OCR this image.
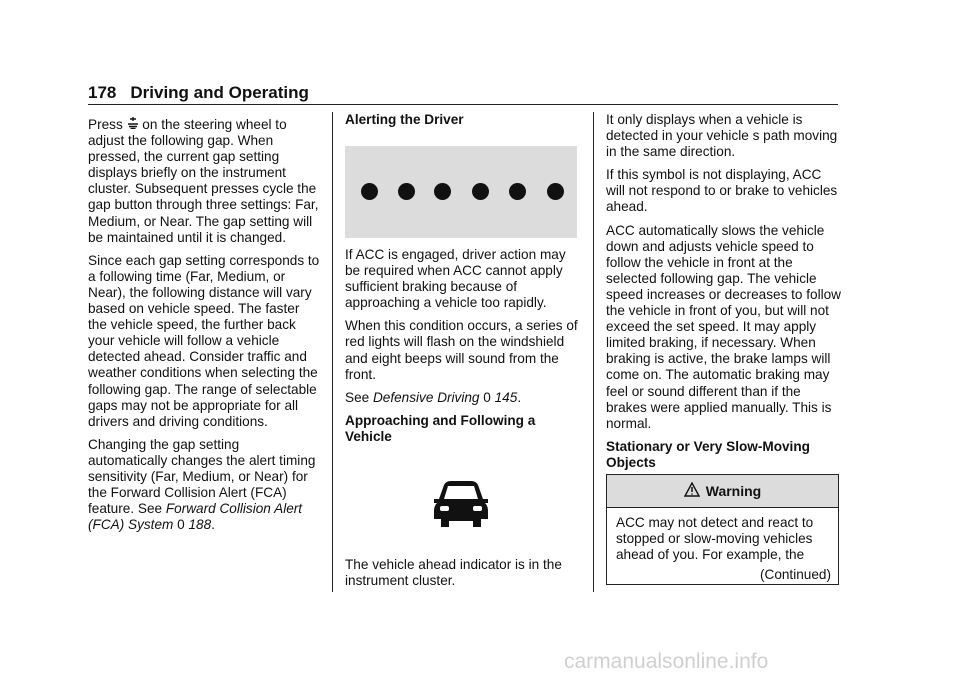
178 Driving and Operating

Press  on the steering wheel to adjust the following gap. When pressed, the current gap setting displays briefly on the instrument cluster. Subsequent presses cycle the gap button through three settings: Far, Medium, or Near. The gap setting will be maintained until it is changed.

Since each gap setting corresponds to a following time (Far, Medium, or Near), the following distance will vary based on vehicle speed. The faster the vehicle speed, the further back your vehicle will follow a vehicle detected ahead. Consider traffic and weather conditions when selecting the following gap. The range of selectable gaps may not be appropriate for all drivers and driving conditions.

Changing the gap setting automatically changes the alert timing sensitivity (Far, Medium, or Near) for the Forward Collision Alert (FCA) feature. See Forward Collision Alert (FCA) System 0 188.

Alerting the Driver

If ACC is engaged, driver action may be required when ACC cannot apply sufficient braking because of approaching a vehicle too rapidly.

When this condition occurs, a series of red lights will flash on the windshield and eight beeps will sound from the front.

See Defensive Driving 0 145.

Approaching and Following a Vehicle

The vehicle ahead indicator is in the instrument cluster.

It only displays when a vehicle is detected in your vehicle s path moving in the same direction.

If this symbol is not displaying, ACC will not respond to or brake to vehicles ahead.

ACC automatically slows the vehicle down and adjusts vehicle speed to follow the vehicle in front at the selected following gap. The vehicle speed increases or decreases to follow the vehicle in front of you, but will not exceed the set speed. It may apply limited braking, if necessary. When braking is active, the brake lamps will come on. The automatic braking may feel or sound different than if the brakes were applied manually. This is normal.

Stationary or Very Slow-Moving Objects

Warning
ACC may not detect and react to stopped or slow-moving vehicles ahead of you. For example, the
(Continued)
carmanualsonline.info
